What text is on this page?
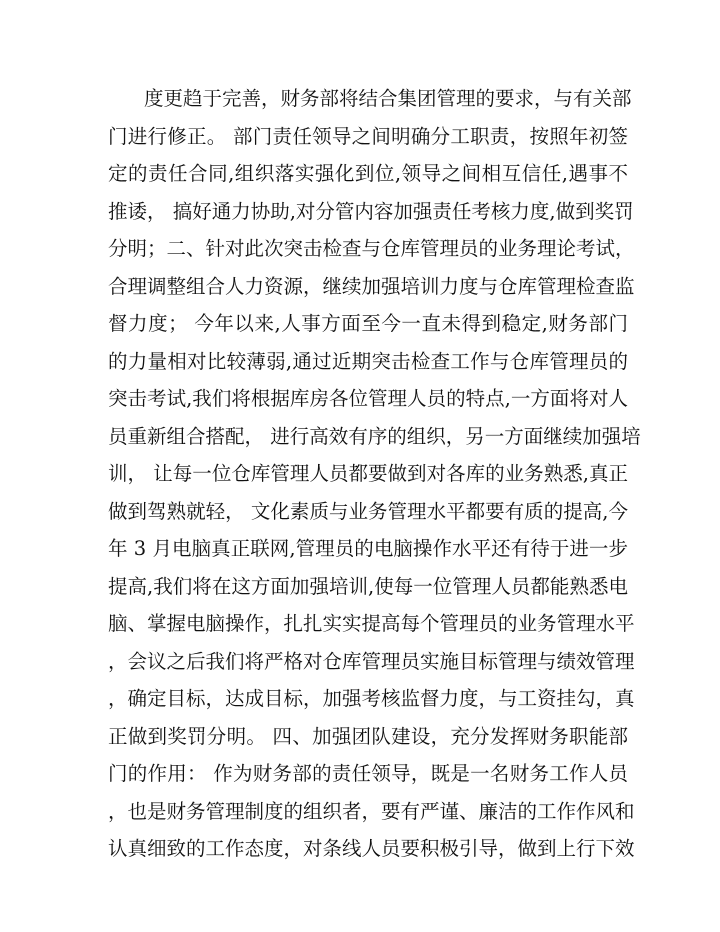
度更趋于完善，财务部将结合集团管理的要求，与有关部
门进行修正。 部门责任领导之间明确分工职责，按照年初签
定的责任合同,组织落实强化到位,领导之间相互信任,遇事不
推诿， 搞好通力协助,对分管内容加强责任考核力度,做到奖罚
分明；二、针对此次突击检查与仓库管理员的业务理论考试，
合理调整组合人力资源，继续加强培训力度与仓库管理检查监
督力度； 今年以来,人事方面至今一直未得到稳定,财务部门
的力量相对比较薄弱,通过近期突击检查工作与仓库管理员的
突击考试,我们将根据库房各位管理人员的特点,一方面将对人
员重新组合搭配， 进行高效有序的组织，另一方面继续加强培
训， 让每一位仓库管理人员都要做到对各库的业务熟悉,真正
做到驾熟就轻， 文化素质与业务管理水平都要有质的提高,今
年 3 月电脑真正联网,管理员的电脑操作水平还有待于进一步
提高,我们将在这方面加强培训,使每一位管理人员都能熟悉电
脑、掌握电脑操作，扎扎实实提高每个管理员的业务管理水平
，会议之后我们将严格对仓库管理员实施目标管理与绩效管理
，确定目标，达成目标，加强考核监督力度，与工资挂勾，真
正做到奖罚分明。 四、加强团队建设，充分发挥财务职能部
门的作用： 作为财务部的责任领导，既是一名财务工作人员
，也是财务管理制度的组织者，要有严谨、廉洁的工作作风和
认真细致的工作态度，对条线人员要积极引导，做到上行下效
